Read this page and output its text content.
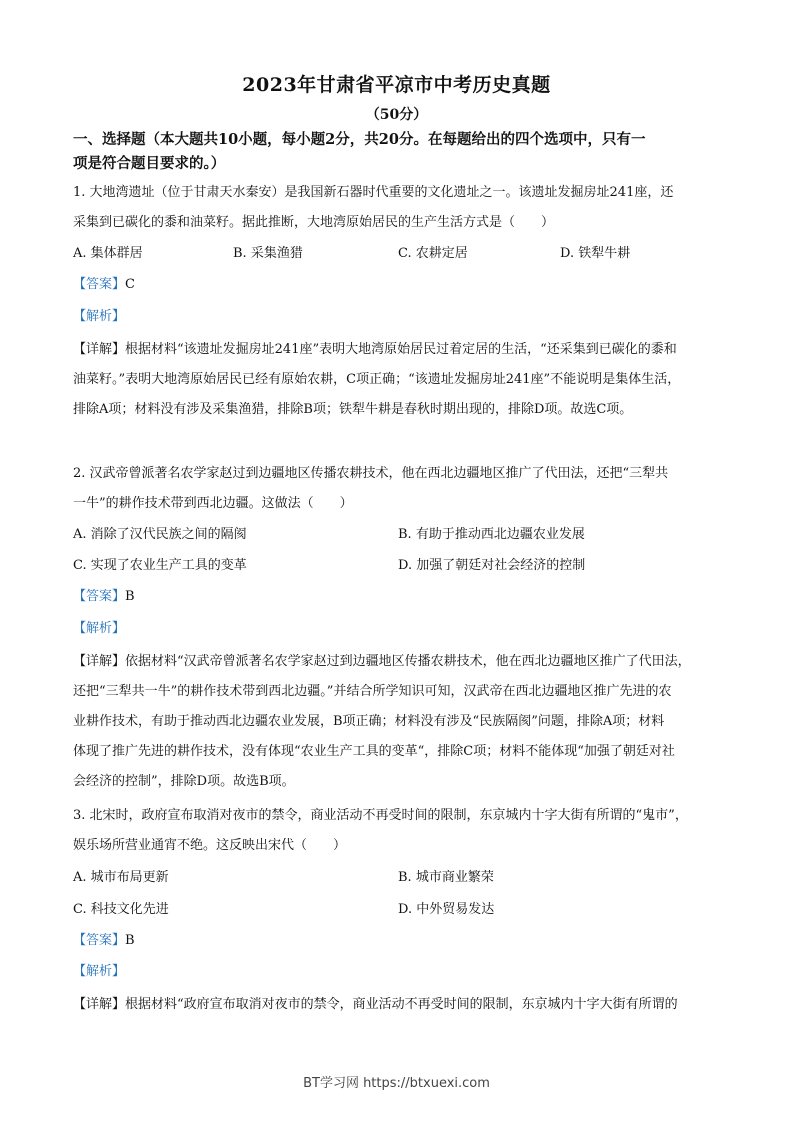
2023年甘肃省平凉市中考历史真题
（50分）
一、选择题（本大题共10小题，每小题2分，共20分。在每题给出的四个选项中，只有一
项是符合题目要求的。）
1. 大地湾遗址（位于甘肃天水秦安）是我国新石器时代重要的文化遗址之一。该遗址发掘房址241座，还
采集到已碳化的黍和油菜籽。据此推断，大地湾原始居民的生产生活方式是（　　）
A. 集体群居	B. 采集渔猎	C. 农耕定居	D. 铁犁牛耕
【答案】C
【解析】
【详解】根据材料“该遗址发掘房址241座”表明大地湾原始居民过着定居的生活，“还采集到已碳化的黍和
油菜籽。”表明大地湾原始居民已经有原始农耕，C项正确；“该遗址发掘房址241座”不能说明是集体生活，
排除A项；材料没有涉及采集渔猎，排除B项；铁犁牛耕是春秋时期出现的，排除D项。故选C项。
2. 汉武帝曾派著名农学家赵过到边疆地区传播农耕技术，他在西北边疆地区推广了代田法，还把“三犁共
一牛”的耕作技术带到西北边疆。这做法（　　）
A. 消除了汉代民族之间的隔阂	B. 有助于推动西北边疆农业发展
C. 实现了农业生产工具的变革	D. 加强了朝廷对社会经济的控制
【答案】B
【解析】
【详解】依据材料“汉武帝曾派著名农学家赵过到边疆地区传播农耕技术，他在西北边疆地区推广了代田法，
还把“三犁共一牛”的耕作技术带到西北边疆。”并结合所学知识可知，汉武帝在西北边疆地区推广先进的农
业耕作技术，有助于推动西北边疆农业发展，B项正确；材料没有涉及“民族隔阂”问题，排除A项；材料
体现了推广先进的耕作技术，没有体现“农业生产工具的变革“，排除C项；材料不能体现“加强了朝廷对社
会经济的控制”，排除D项。故选B项。
3. 北宋时，政府宣布取消对夜市的禁令，商业活动不再受时间的限制，东京城内十字大街有所谓的“鬼市”，
娱乐场所营业通宵不绝。这反映出宋代（　　）
A. 城市布局更新	B. 城市商业繁荣
C. 科技文化先进	D. 中外贸易发达
【答案】B
【解析】
【详解】根据材料“政府宣布取消对夜市的禁令，商业活动不再受时间的限制，东京城内十字大街有所谓的
BT学习网 https://btxuexi.com
